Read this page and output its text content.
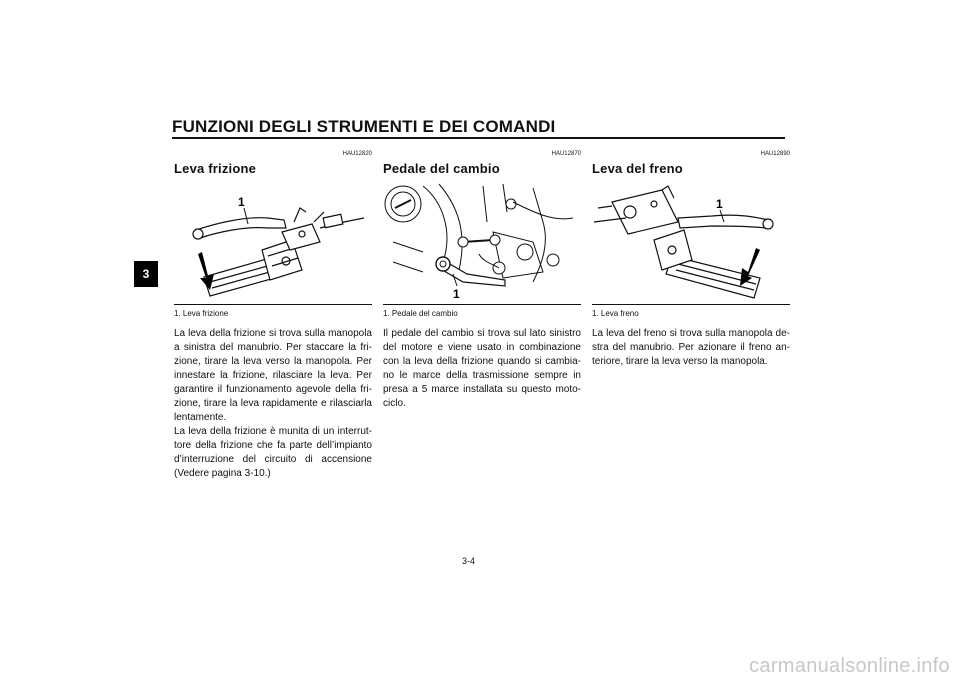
FUNZIONI DEGLI STRUMENTI E DEI COMANDI
3
HAU12820
Leva frizione
1
1. Leva frizione

La leva della frizione si trova sulla manopola a sinistra del manubrio. Per staccare la fri-zione, tirare la leva verso la manopola. Per innestare la frizione, rilasciare la leva. Per garantire il funzionamento agevole della fri-zione, tirare la leva rapidamente e rilasciarla lentamente.

La leva della frizione è munita di un interrut-tore della frizione che fa parte dell’impianto d’interruzione del circuito di accensione (Vedere pagina 3-10.)

HAU12870
Pedale del cambio
1
1. Pedale del cambio

Il pedale del cambio si trova sul lato sinistro del motore e viene usato in combinazione con la leva della frizione quando si cambia-no le marce della trasmissione sempre in presa a 5 marce installata su questo moto-ciclo.

HAU12890
Leva del freno
1
1. Leva freno

La leva del freno si trova sulla manopola de-stra del manubrio. Per azionare il freno an-teriore, tirare la leva verso la manopola.

3-4
carmanualsonline.info
